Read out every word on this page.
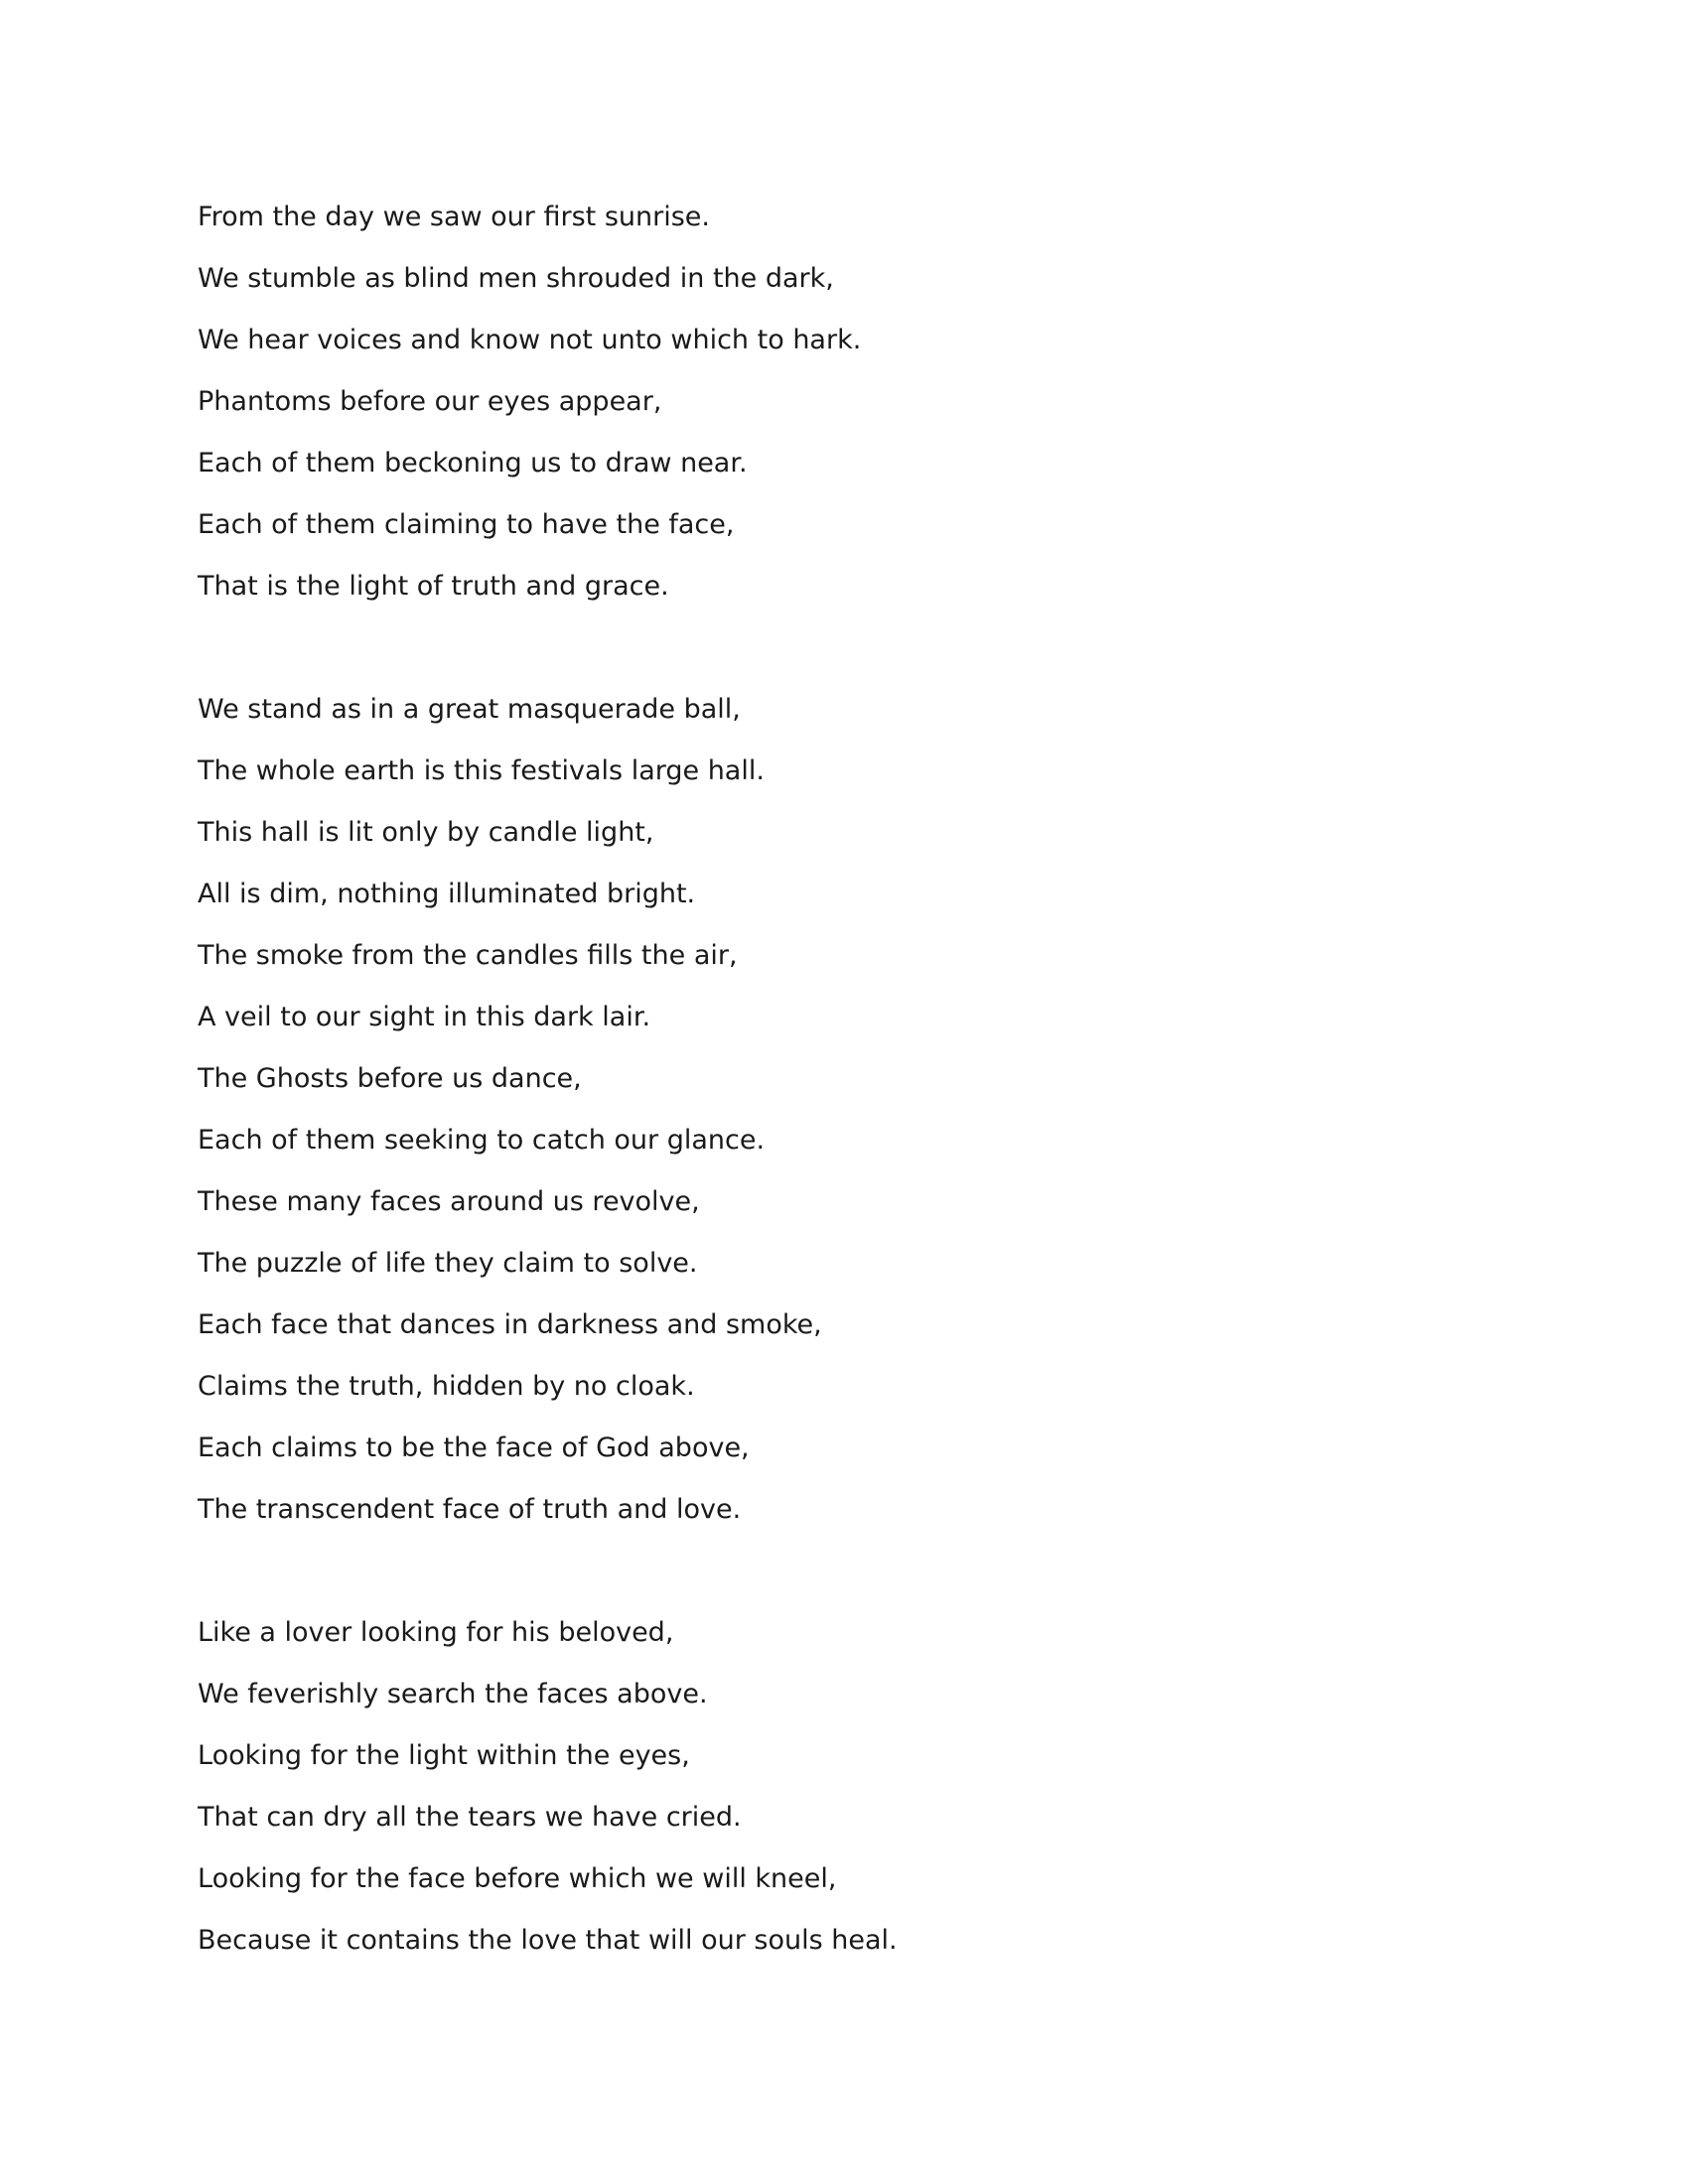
From the day we saw our first sunrise.
We stumble as blind men shrouded in the dark,
We hear voices and know not unto which to hark.
Phantoms before our eyes appear,
Each of them beckoning us to draw near.
Each of them claiming to have the face,
That is the light of truth and grace.
We stand as in a great masquerade ball,
The whole earth is this festivals large hall.
This hall is lit only by candle light,
All is dim, nothing illuminated bright.
The smoke from the candles fills the air,
A veil to our sight in this dark lair.
The Ghosts before us dance,
Each of them seeking to catch our glance.
These many faces around us revolve,
The puzzle of life they claim to solve.
Each face that dances in darkness and smoke,
Claims the truth, hidden by no cloak.
Each claims to be the face of God above,
The transcendent face of truth and love.
Like a lover looking for his beloved,
We feverishly search the faces above.
Looking for the light within the eyes,
That can dry all the tears we have cried.
Looking for the face before which we will kneel,
Because it contains the love that will our souls heal.
